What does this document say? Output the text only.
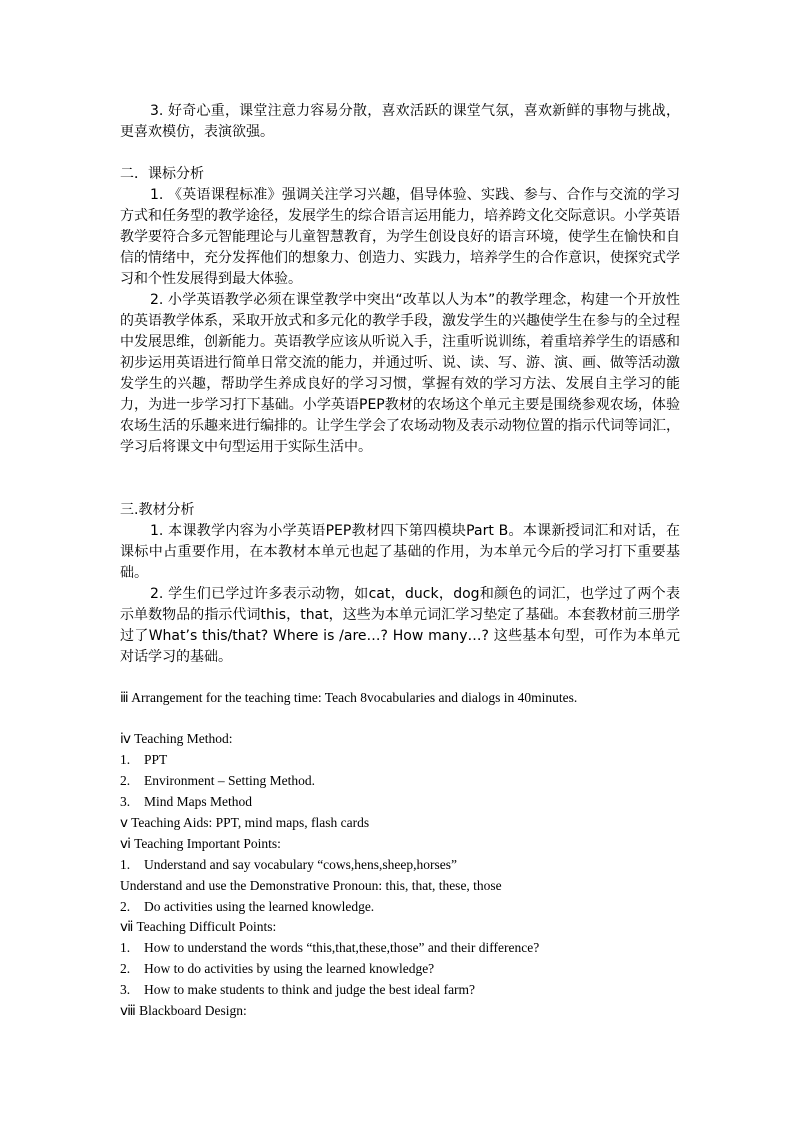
3. 好奇心重，课堂注意力容易分散，喜欢活跃的课堂气氛，喜欢新鲜的事物与挑战，更喜欢模仿，表演欲强。

二．课标分析

1. 《英语课程标准》强调关注学习兴趣，倡导体验、实践、参与、合作与交流的学习方式和任务型的教学途径，发展学生的综合语言运用能力，培养跨文化交际意识。小学英语教学要符合多元智能理论与儿童智慧教育，为学生创设良好的语言环境，使学生在愉快和自信的情绪中，充分发挥他们的想象力、创造力、实践力，培养学生的合作意识，使探究式学习和个性发展得到最大体验。

2. 小学英语教学必须在课堂教学中突出“改革以人为本”的教学理念，构建一个开放性的英语教学体系，采取开放式和多元化的教学手段，激发学生的兴趣使学生在参与的全过程中发展思维，创新能力。英语教学应该从听说入手，注重听说训练，着重培养学生的语感和初步运用英语进行简单日常交流的能力，并通过听、说、读、写、游、演、画、做等活动激发学生的兴趣，帮助学生养成良好的学习习惯，掌握有效的学习方法、发展自主学习的能力，为进一步学习打下基础。小学英语PEP教材的农场这个单元主要是围绕参观农场，体验农场生活的乐趣来进行编排的。让学生学会了农场动物及表示动物位置的指示代词等词汇，学习后将课文中句型运用于实际生活中。

三.教材分析

1. 本课教学内容为小学英语PEP教材四下第四模块Part B。本课新授词汇和对话，在课标中占重要作用，在本教材本单元也起了基础的作用，为本单元今后的学习打下重要基础。

2. 学生们已学过许多表示动物，如cat，duck，dog和颜色的词汇，也学过了两个表示单数物品的指示代词this，that，这些为本单元词汇学习垫定了基础。本套教材前三册学过了What’s this/that? Where is /are…? How many…? 这些基本句型，可作为本单元对话学习的基础。

ⅲ Arrangement for the teaching time: Teach 8vocabularies and dialogs in 40minutes.

ⅳ Teaching Method:
1. PPT
2. Environment – Setting Method.
3. Mind Maps Method
ⅴ Teaching Aids: PPT, mind maps, flash cards
ⅵ Teaching Important Points:
1. Understand and say vocabulary “cows,hens,sheep,horses”
Understand and use the Demonstrative Pronoun: this, that, these, those
2. Do activities using the learned knowledge.
ⅶ Teaching Difficult Points:
1. How to understand the words “this,that,these,those” and their difference?
2. How to do activities by using the learned knowledge?
3. How to make students to think and judge the best ideal farm?
ⅷ Blackboard Design:
